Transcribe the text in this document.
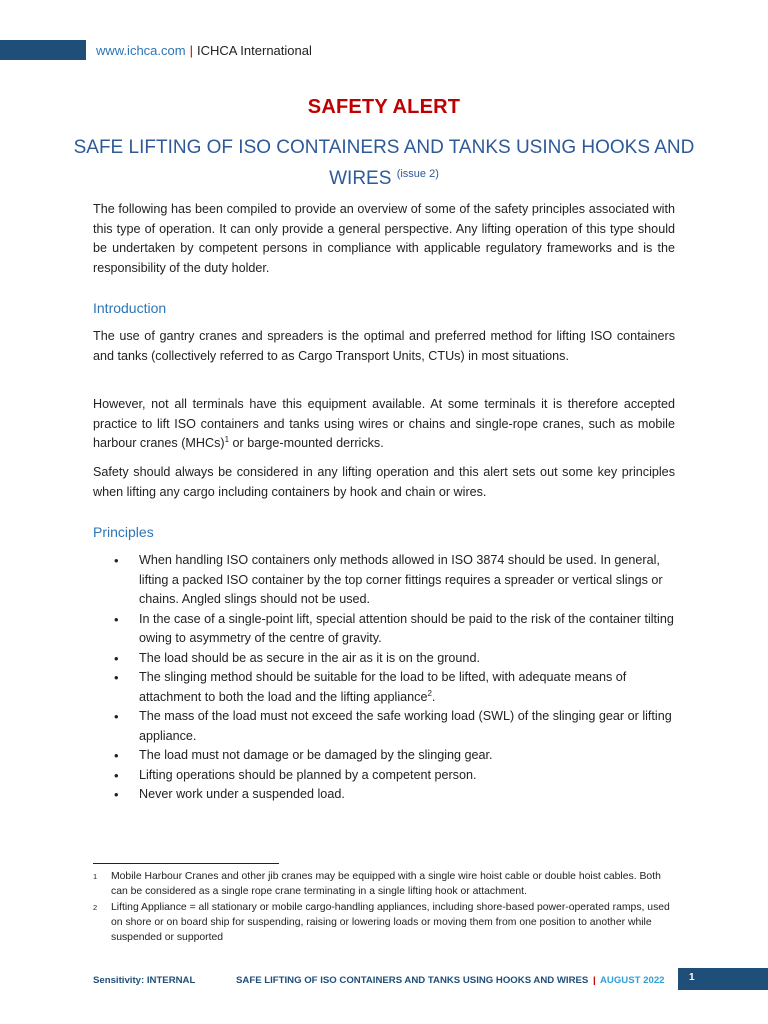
www.ichca.com | ICHCA International
SAFETY ALERT
SAFE LIFTING OF ISO CONTAINERS AND TANKS USING HOOKS AND WIRES $^{(issue 2)}$

The following has been compiled to provide an overview of some of the safety principles associated with this type of operation. It can only provide a general perspective. Any lifting operation of this type should be undertaken by competent persons in compliance with applicable regulatory frameworks and is the responsibility of the duty holder.

Introduction

The use of gantry cranes and spreaders is the optimal and preferred method for lifting ISO containers and tanks (collectively referred to as Cargo Transport Units, CTUs) in most situations.

However, not all terminals have this equipment available. At some terminals it is therefore accepted practice to lift ISO containers and tanks using wires or chains and single-rope cranes, such as mobile harbour cranes (MHCs)$^1$ or barge-mounted derricks.

Safety should always be considered in any lifting operation and this alert sets out some key principles when lifting any cargo including containers by hook and chain or wires.

Principles
• When handling ISO containers only methods allowed in ISO 3874 should be used. In general, lifting a packed ISO container by the top corner fittings requires a spreader or vertical slings or chains. Angled slings should not be used.
• In the case of a single-point lift, special attention should be paid to the risk of the container tilting owing to asymmetry of the centre of gravity.
• The load should be as secure in the air as it is on the ground.
• The slinging method should be suitable for the load to be lifted, with adequate means of attachment to both the load and the lifting appliance$^2$.
• The mass of the load must not exceed the safe working load (SWL) of the slinging gear or lifting appliance.
• The load must not damage or be damaged by the slinging gear.
• Lifting operations should be planned by a competent person.
• Never work under a suspended load.
1	Mobile Harbour Cranes and other jib cranes may be equipped with a single wire hoist cable or double hoist cables. Both can be considered as a single rope crane terminating in a single lifting hook or attachment.
2	Lifting Appliance = all stationary or mobile cargo-handling appliances, including shore-based power-operated ramps, used on shore or on board ship for suspending, raising or lowering loads or moving them from one position to another while suspended or supported
Sensitivity: INTERNAL	SAFE LIFTING OF ISO CONTAINERS AND TANKS USING HOOKS AND WIRES | AUGUST 2022 1
